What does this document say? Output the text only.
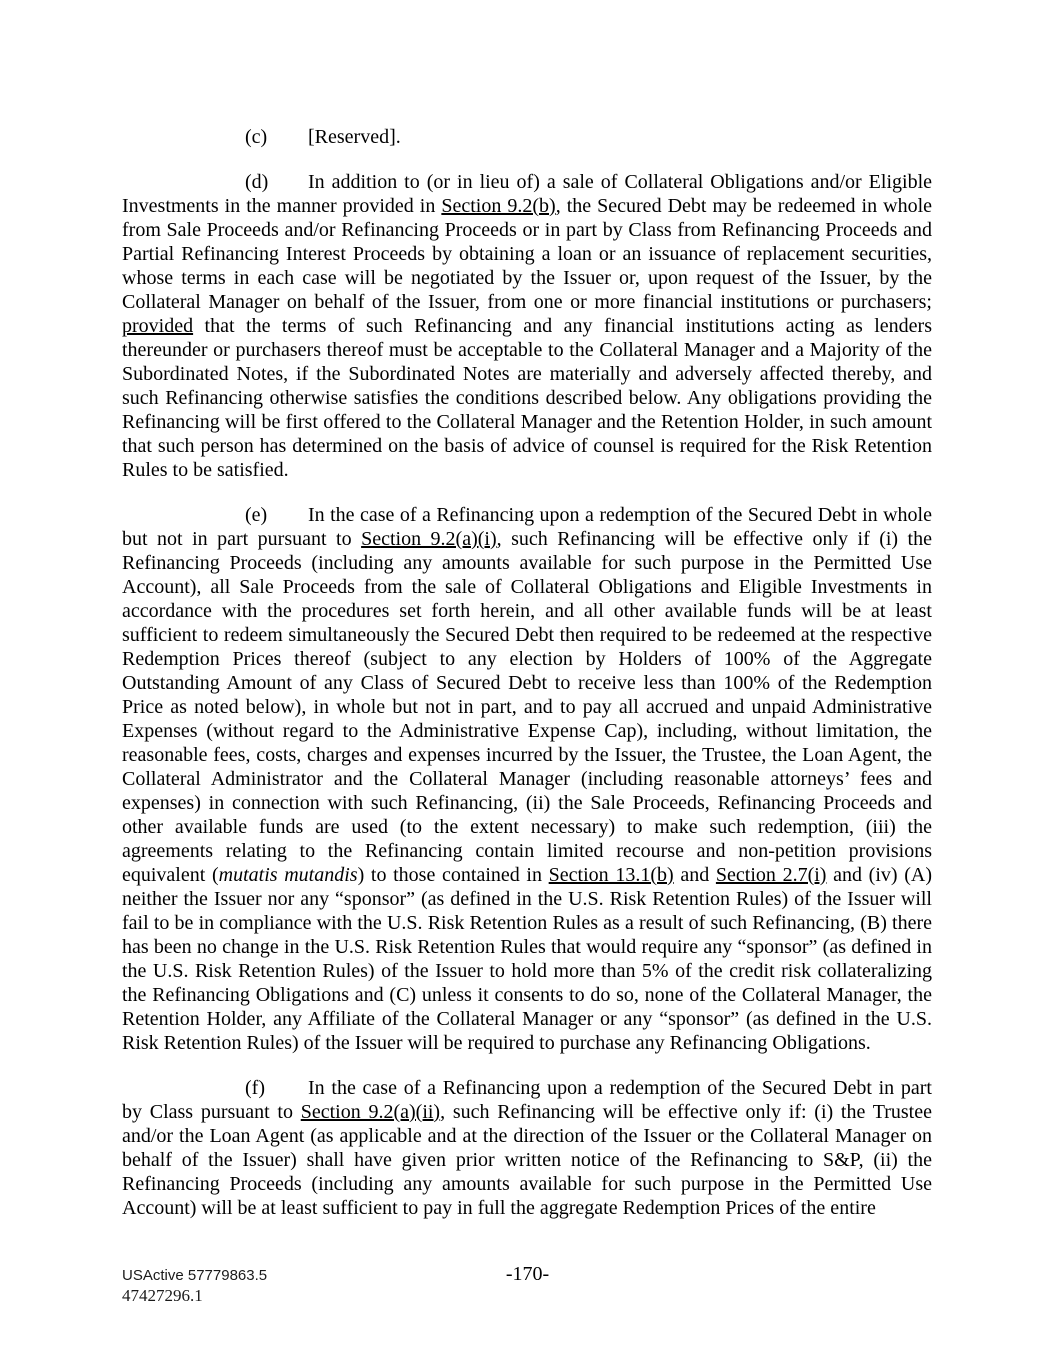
(c) [Reserved].

(d) In addition to (or in lieu of) a sale of Collateral Obligations and/or Eligible Investments in the manner provided in Section 9.2(b), the Secured Debt may be redeemed in whole from Sale Proceeds and/or Refinancing Proceeds or in part by Class from Refinancing Proceeds and Partial Refinancing Interest Proceeds by obtaining a loan or an issuance of replacement securities, whose terms in each case will be negotiated by the Issuer or, upon request of the Issuer, by the Collateral Manager on behalf of the Issuer, from one or more financial institutions or purchasers; provided that the terms of such Refinancing and any financial institutions acting as lenders thereunder or purchasers thereof must be acceptable to the Collateral Manager and a Majority of the Subordinated Notes, if the Subordinated Notes are materially and adversely affected thereby, and such Refinancing otherwise satisfies the conditions described below. Any obligations providing the Refinancing will be first offered to the Collateral Manager and the Retention Holder, in such amount that such person has determined on the basis of advice of counsel is required for the Risk Retention Rules to be satisfied.

(e) In the case of a Refinancing upon a redemption of the Secured Debt in whole but not in part pursuant to Section 9.2(a)(i), such Refinancing will be effective only if (i) the Refinancing Proceeds (including any amounts available for such purpose in the Permitted Use Account), all Sale Proceeds from the sale of Collateral Obligations and Eligible Investments in accordance with the procedures set forth herein, and all other available funds will be at least sufficient to redeem simultaneously the Secured Debt then required to be redeemed at the respective Redemption Prices thereof (subject to any election by Holders of 100% of the Aggregate Outstanding Amount of any Class of Secured Debt to receive less than 100% of the Redemption Price as noted below), in whole but not in part, and to pay all accrued and unpaid Administrative Expenses (without regard to the Administrative Expense Cap), including, without limitation, the reasonable fees, costs, charges and expenses incurred by the Issuer, the Trustee, the Loan Agent, the Collateral Administrator and the Collateral Manager (including reasonable attorneys’ fees and expenses) in connection with such Refinancing, (ii) the Sale Proceeds, Refinancing Proceeds and other available funds are used (to the extent necessary) to make such redemption, (iii) the agreements relating to the Refinancing contain limited recourse and non-petition provisions equivalent (mutatis mutandis) to those contained in Section 13.1(b) and Section 2.7(i) and (iv) (A) neither the Issuer nor any “sponsor” (as defined in the U.S. Risk Retention Rules) of the Issuer will fail to be in compliance with the U.S. Risk Retention Rules as a result of such Refinancing, (B) there has been no change in the U.S. Risk Retention Rules that would require any “sponsor” (as defined in the U.S. Risk Retention Rules) of the Issuer to hold more than 5% of the credit risk collateralizing the Refinancing Obligations and (C) unless it consents to do so, none of the Collateral Manager, the Retention Holder, any Affiliate of the Collateral Manager or any “sponsor” (as defined in the U.S. Risk Retention Rules) of the Issuer will be required to purchase any Refinancing Obligations.

(f) In the case of a Refinancing upon a redemption of the Secured Debt in part by Class pursuant to Section 9.2(a)(ii), such Refinancing will be effective only if: (i) the Trustee and/or the Loan Agent (as applicable and at the direction of the Issuer or the Collateral Manager on behalf of the Issuer) shall have given prior written notice of the Refinancing to S&P, (ii) the Refinancing Proceeds (including any amounts available for such purpose in the Permitted Use Account) will be at least sufficient to pay in full the aggregate Redemption Prices of the entire

USActive 57779863.5
47427296.1
-170-
